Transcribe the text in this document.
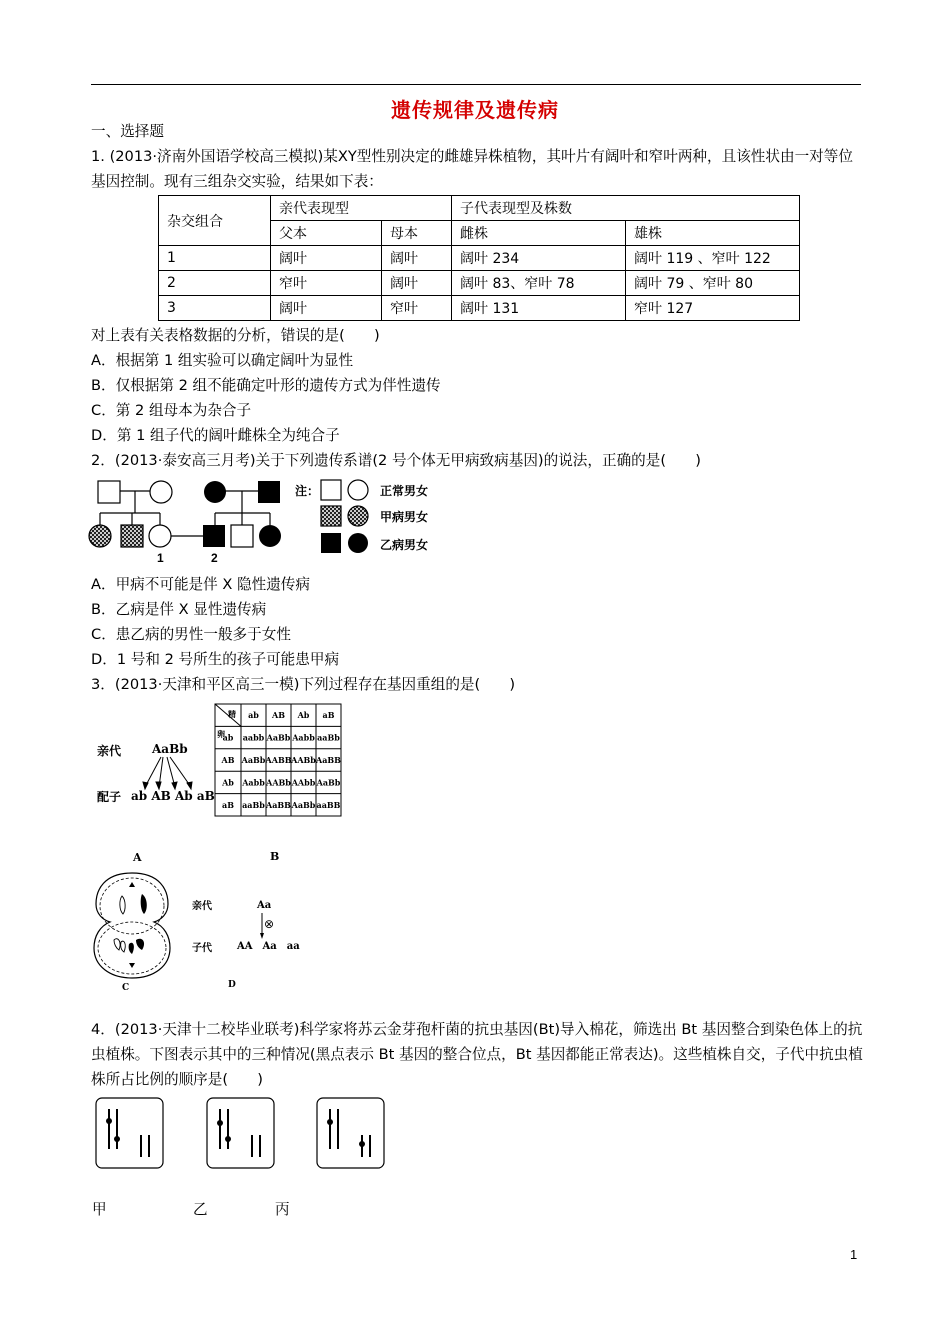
遗传规律及遗传病
一、选择题
1. (2013·济南外国语学校高三模拟)某XY型性别决定的雌雄异株植物，其叶片有阔叶和窄叶两种，且该性状由一对等位基因控制。现有三组杂交实验，结果如下表：
杂交组合	亲代表现型		子代表现型及株数	
	父本	母本	雌株	雄株
1	阔叶	阔叶	阔叶 234	阔叶 119 、窄叶 122
2	窄叶	阔叶	阔叶 83、窄叶 78	阔叶 79 、窄叶 80
3	阔叶	窄叶	阔叶 131	窄叶 127
对上表有关表格数据的分析，错误的是(　　)
A．根据第 1 组实验可以确定阔叶为显性
B．仅根据第 2 组不能确定叶形的遗传方式为伴性遗传
C．第 2 组母本为杂合子
D．第 1 组子代的阔叶雌株全为纯合子
2．(2013·泰安高三月考)关于下列遗传系谱(2 号个体无甲病致病基因)的说法，正确的是(　　)
1	2
注：	正常男女
甲病男女
乙病男女
A．甲病不可能是伴 X 隐性遗传病
B．乙病是伴 X 显性遗传病
C．患乙病的男性一般多于女性
D．1 号和 2 号所生的孩子可能患甲病
3．(2013·天津和平区高三一模)下列过程存在基因重组的是(　　)
亲代	AaBb
配子 ab AB Ab aB
A
ab AB Ab aB
ab aabb AaBb Aabb aaBb
AB AaBb AABB AABb AaBB
Ab Aabb AABb AAbb AaBb
aB aaBb AaBB AaBb aaBB
精
卵
B
C
亲代	Aa
⊗
子代	AA　Aa　aa
D
4．(2013·天津十二校毕业联考)科学家将苏云金芽孢杆菌的抗虫基因(Bt)导入棉花，筛选出 Bt 基因整合到染色体上的抗虫植株。下图表示其中的三种情况(黑点表示 Bt 基因的整合位点，Bt 基因都能正常表达)。这些植株自交，子代中抗虫植株所占比例的顺序是(　　)
甲	乙	丙
1
